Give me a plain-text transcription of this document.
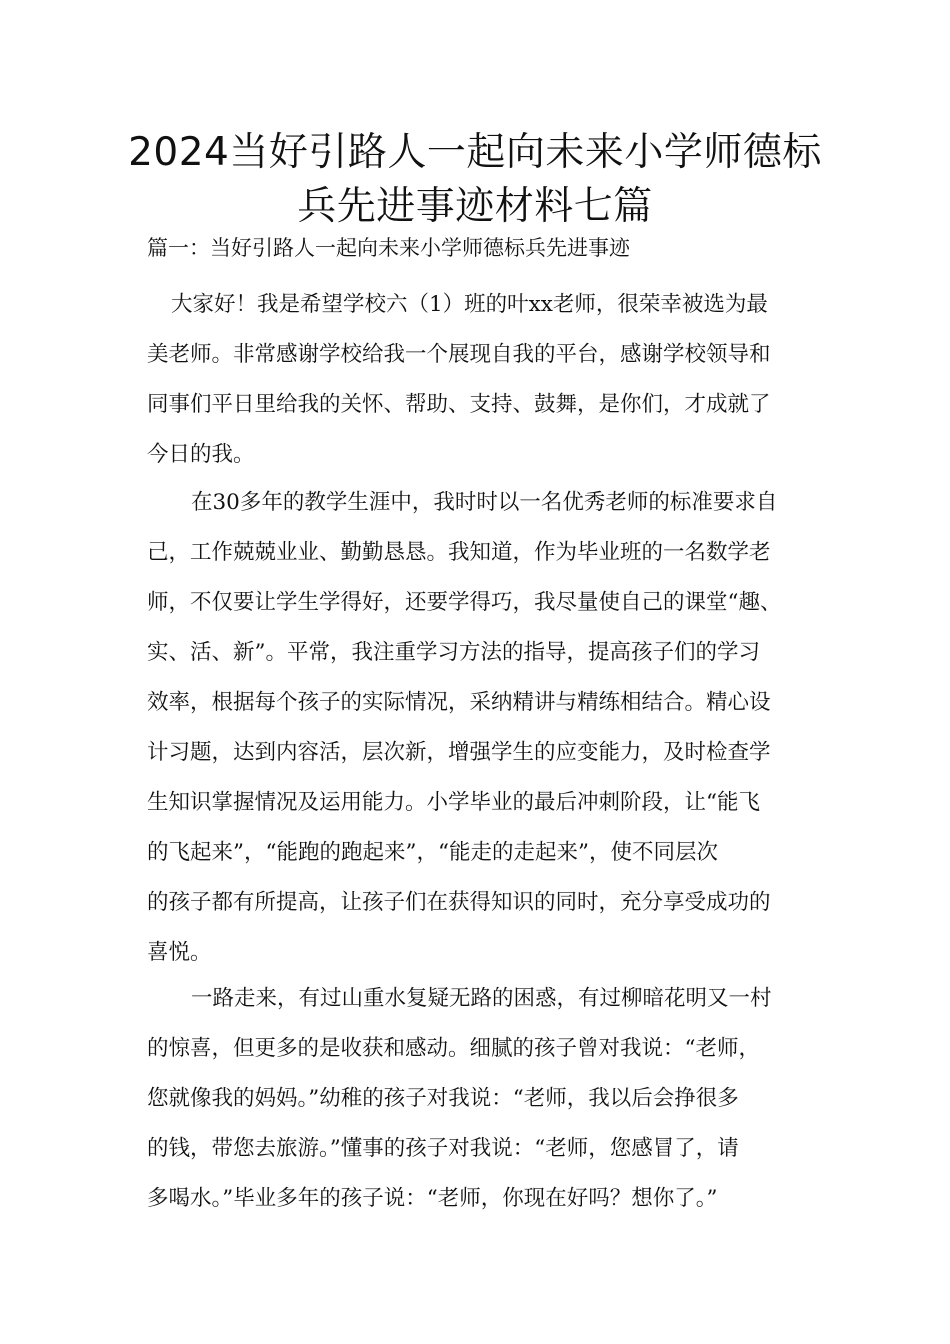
2024当好引路人一起向未来小学师德标
兵先进事迹材料七篇

篇一：当好引路人一起向未来小学师德标兵先进事迹

大家好！我是希望学校六（1）班的叶xx老师，很荣幸被选为最
美老师。非常感谢学校给我一个展现自我的平台，感谢学校领导和
同事们平日里给我的关怀、帮助、支持、鼓舞，是你们，才成就了
今日的我。
在30多年的教学生涯中，我时时以一名优秀老师的标准要求自
己，工作兢兢业业、勤勤恳恳。我知道，作为毕业班的一名数学老
师，不仅要让学生学得好，还要学得巧，我尽量使自己的课堂“趣、
实、活、新”。平常，我注重学习方法的指导，提高孩子们的学习
效率，根据每个孩子的实际情况，采纳精讲与精练相结合。精心设
计习题，达到内容活，层次新，增强学生的应变能力，及时检查学
生知识掌握情况及运用能力。小学毕业的最后冲刺阶段，让“能飞
的飞起来”，“能跑的跑起来”，“能走的走起来”，使不同层次
的孩子都有所提高，让孩子们在获得知识的同时，充分享受成功的
喜悦。
一路走来，有过山重水复疑无路的困惑，有过柳暗花明又一村
的惊喜，但更多的是收获和感动。细腻的孩子曾对我说：“老师，
您就像我的妈妈。”幼稚的孩子对我说：“老师，我以后会挣很多
的钱，带您去旅游。”懂事的孩子对我说：“老师，您感冒了，请
多喝水。”毕业多年的孩子说：“老师，你现在好吗？想你了。”
